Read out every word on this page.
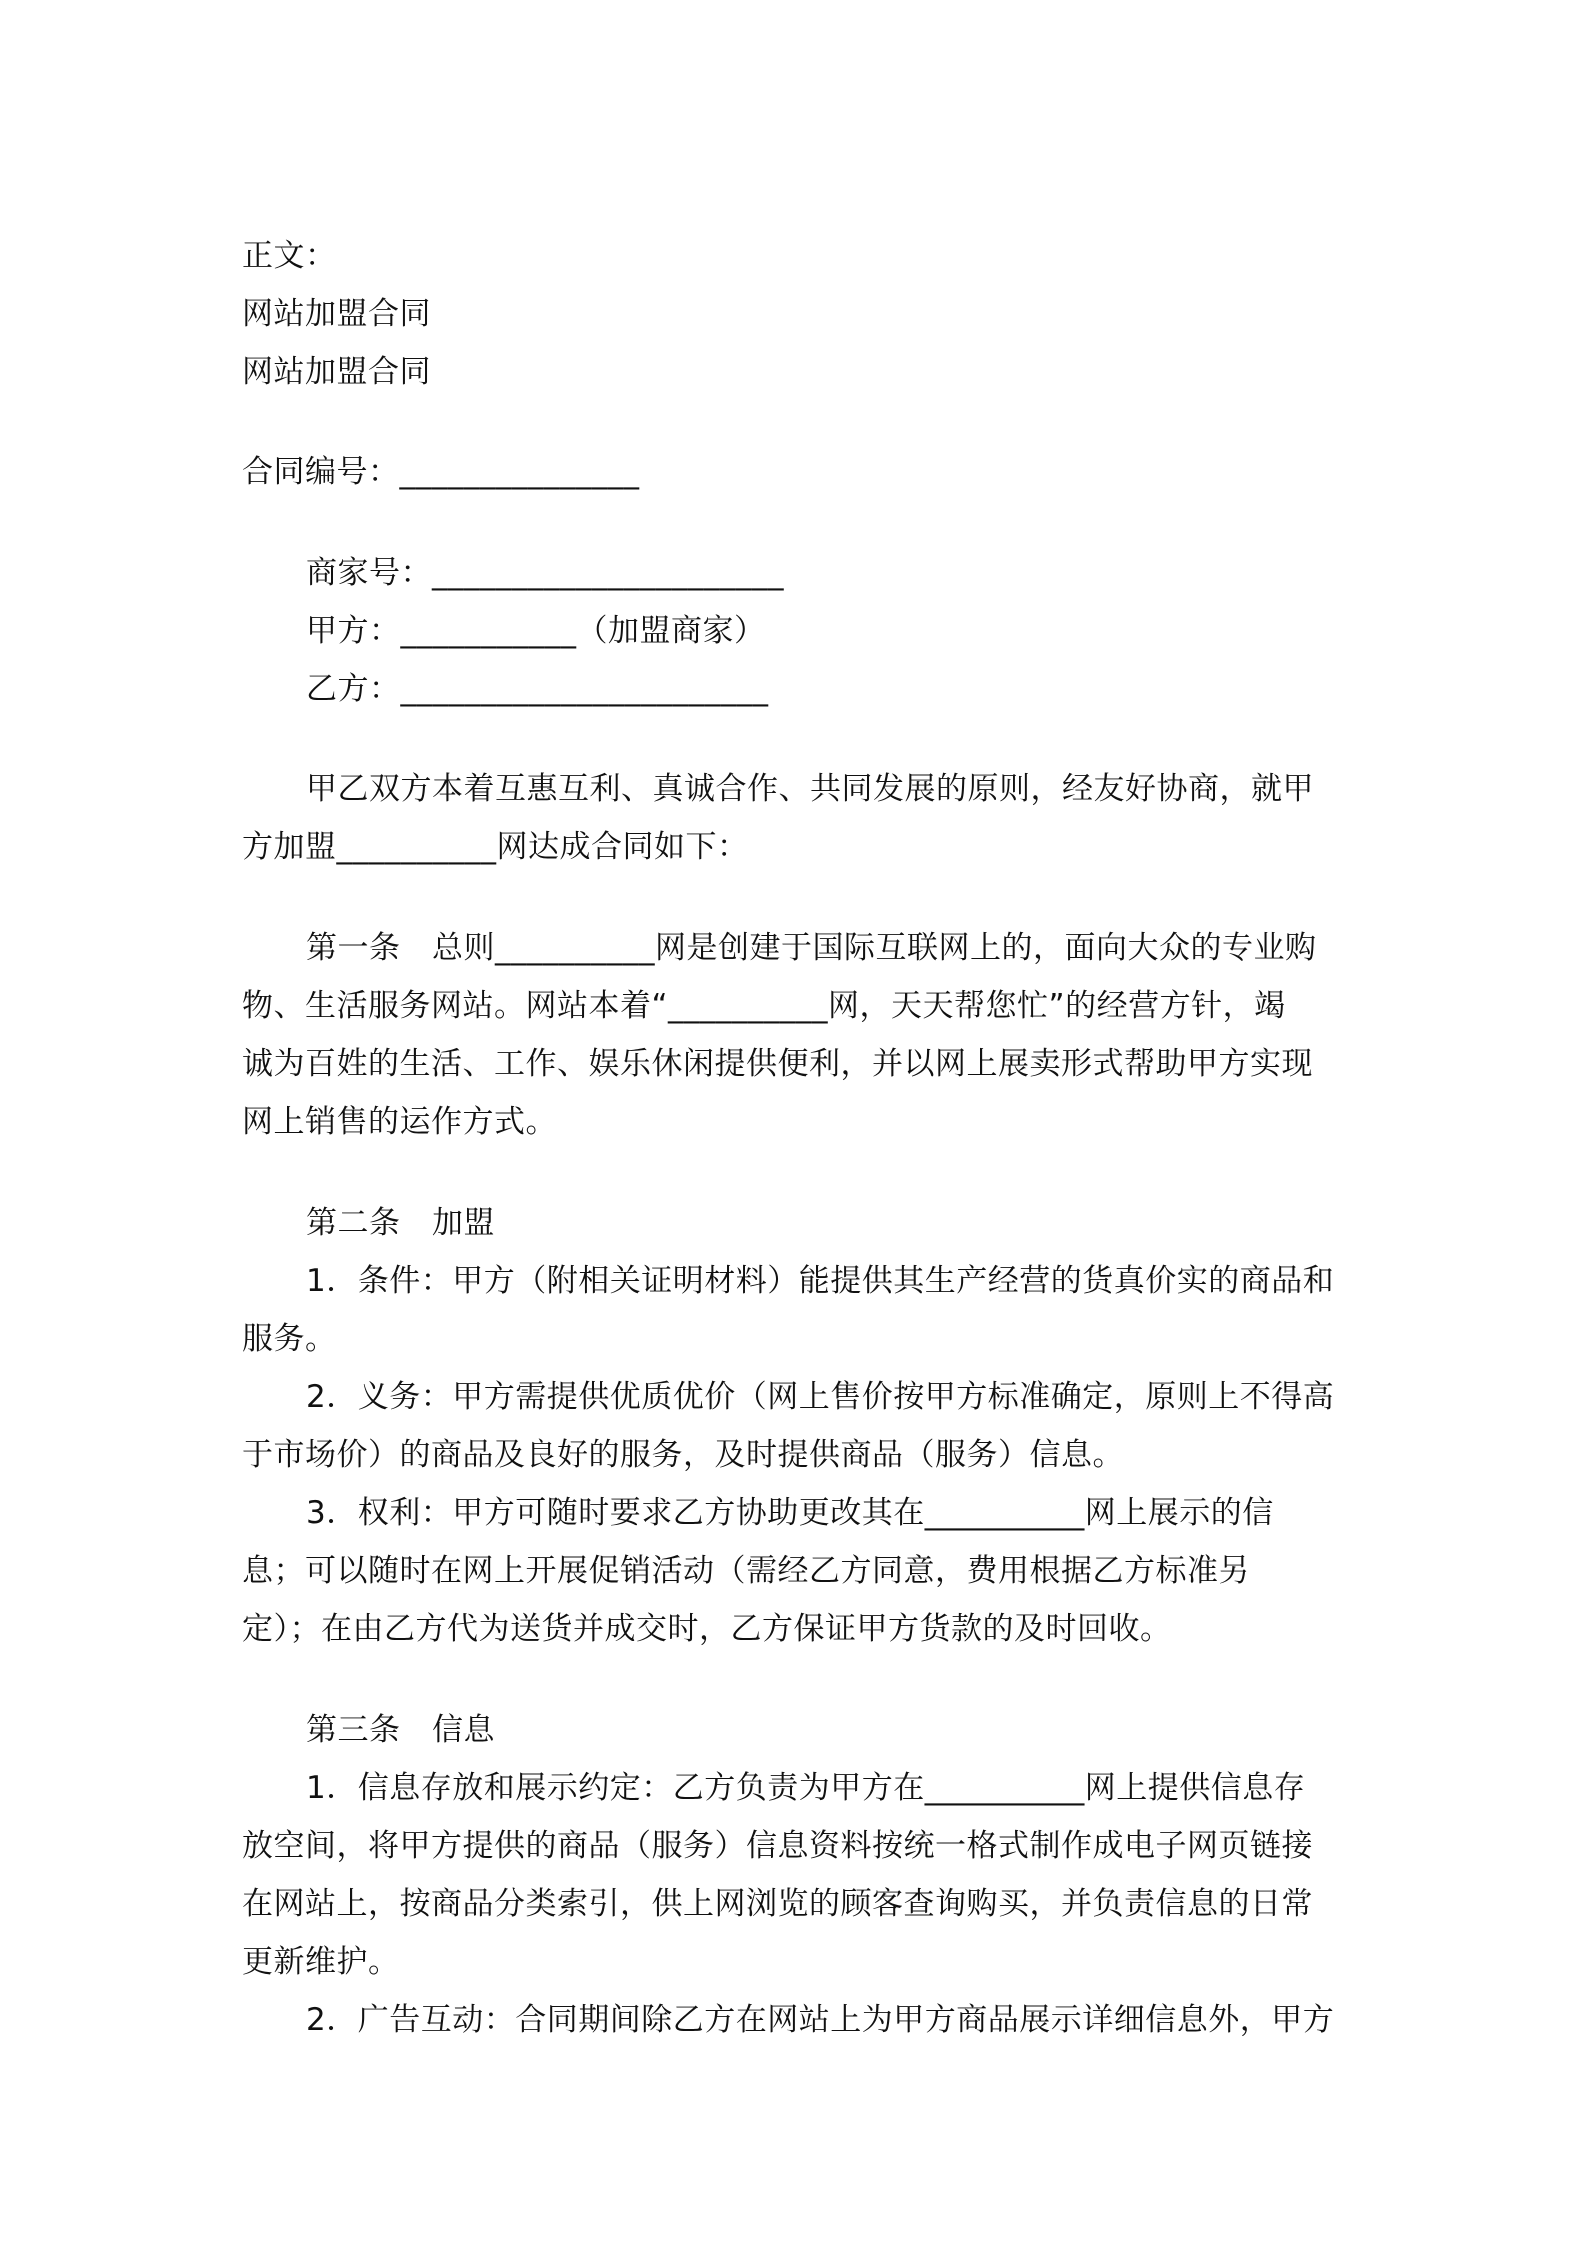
正文：
网站加盟合同
网站加盟合同
合同编号：_______________
商家号：______________________
甲方：___________（加盟商家）
乙方：_______________________
甲乙双方本着互惠互利、真诚合作、共同发展的原则，经友好协商，就甲
方加盟__________网达成合同如下：
第一条　总则__________网是创建于国际互联网上的，面向大众的专业购
物、生活服务网站。网站本着“__________网，天天帮您忙”的经营方针，竭
诚为百姓的生活、工作、娱乐休闲提供便利，并以网上展卖形式帮助甲方实现
网上销售的运作方式。
第二条　加盟
1．条件：甲方（附相关证明材料）能提供其生产经营的货真价实的商品和
服务。
2．义务：甲方需提供优质优价（网上售价按甲方标准确定，原则上不得高
于市场价）的商品及良好的服务，及时提供商品（服务）信息。
3．权利：甲方可随时要求乙方协助更改其在__________网上展示的信
息；可以随时在网上开展促销活动（需经乙方同意，费用根据乙方标准另
定）；在由乙方代为送货并成交时，乙方保证甲方货款的及时回收。
第三条　信息
1．信息存放和展示约定：乙方负责为甲方在__________网上提供信息存
放空间，将甲方提供的商品（服务）信息资料按统一格式制作成电子网页链接
在网站上，按商品分类索引，供上网浏览的顾客查询购买，并负责信息的日常
更新维护。
2．广告互动：合同期间除乙方在网站上为甲方商品展示详细信息外，甲方
